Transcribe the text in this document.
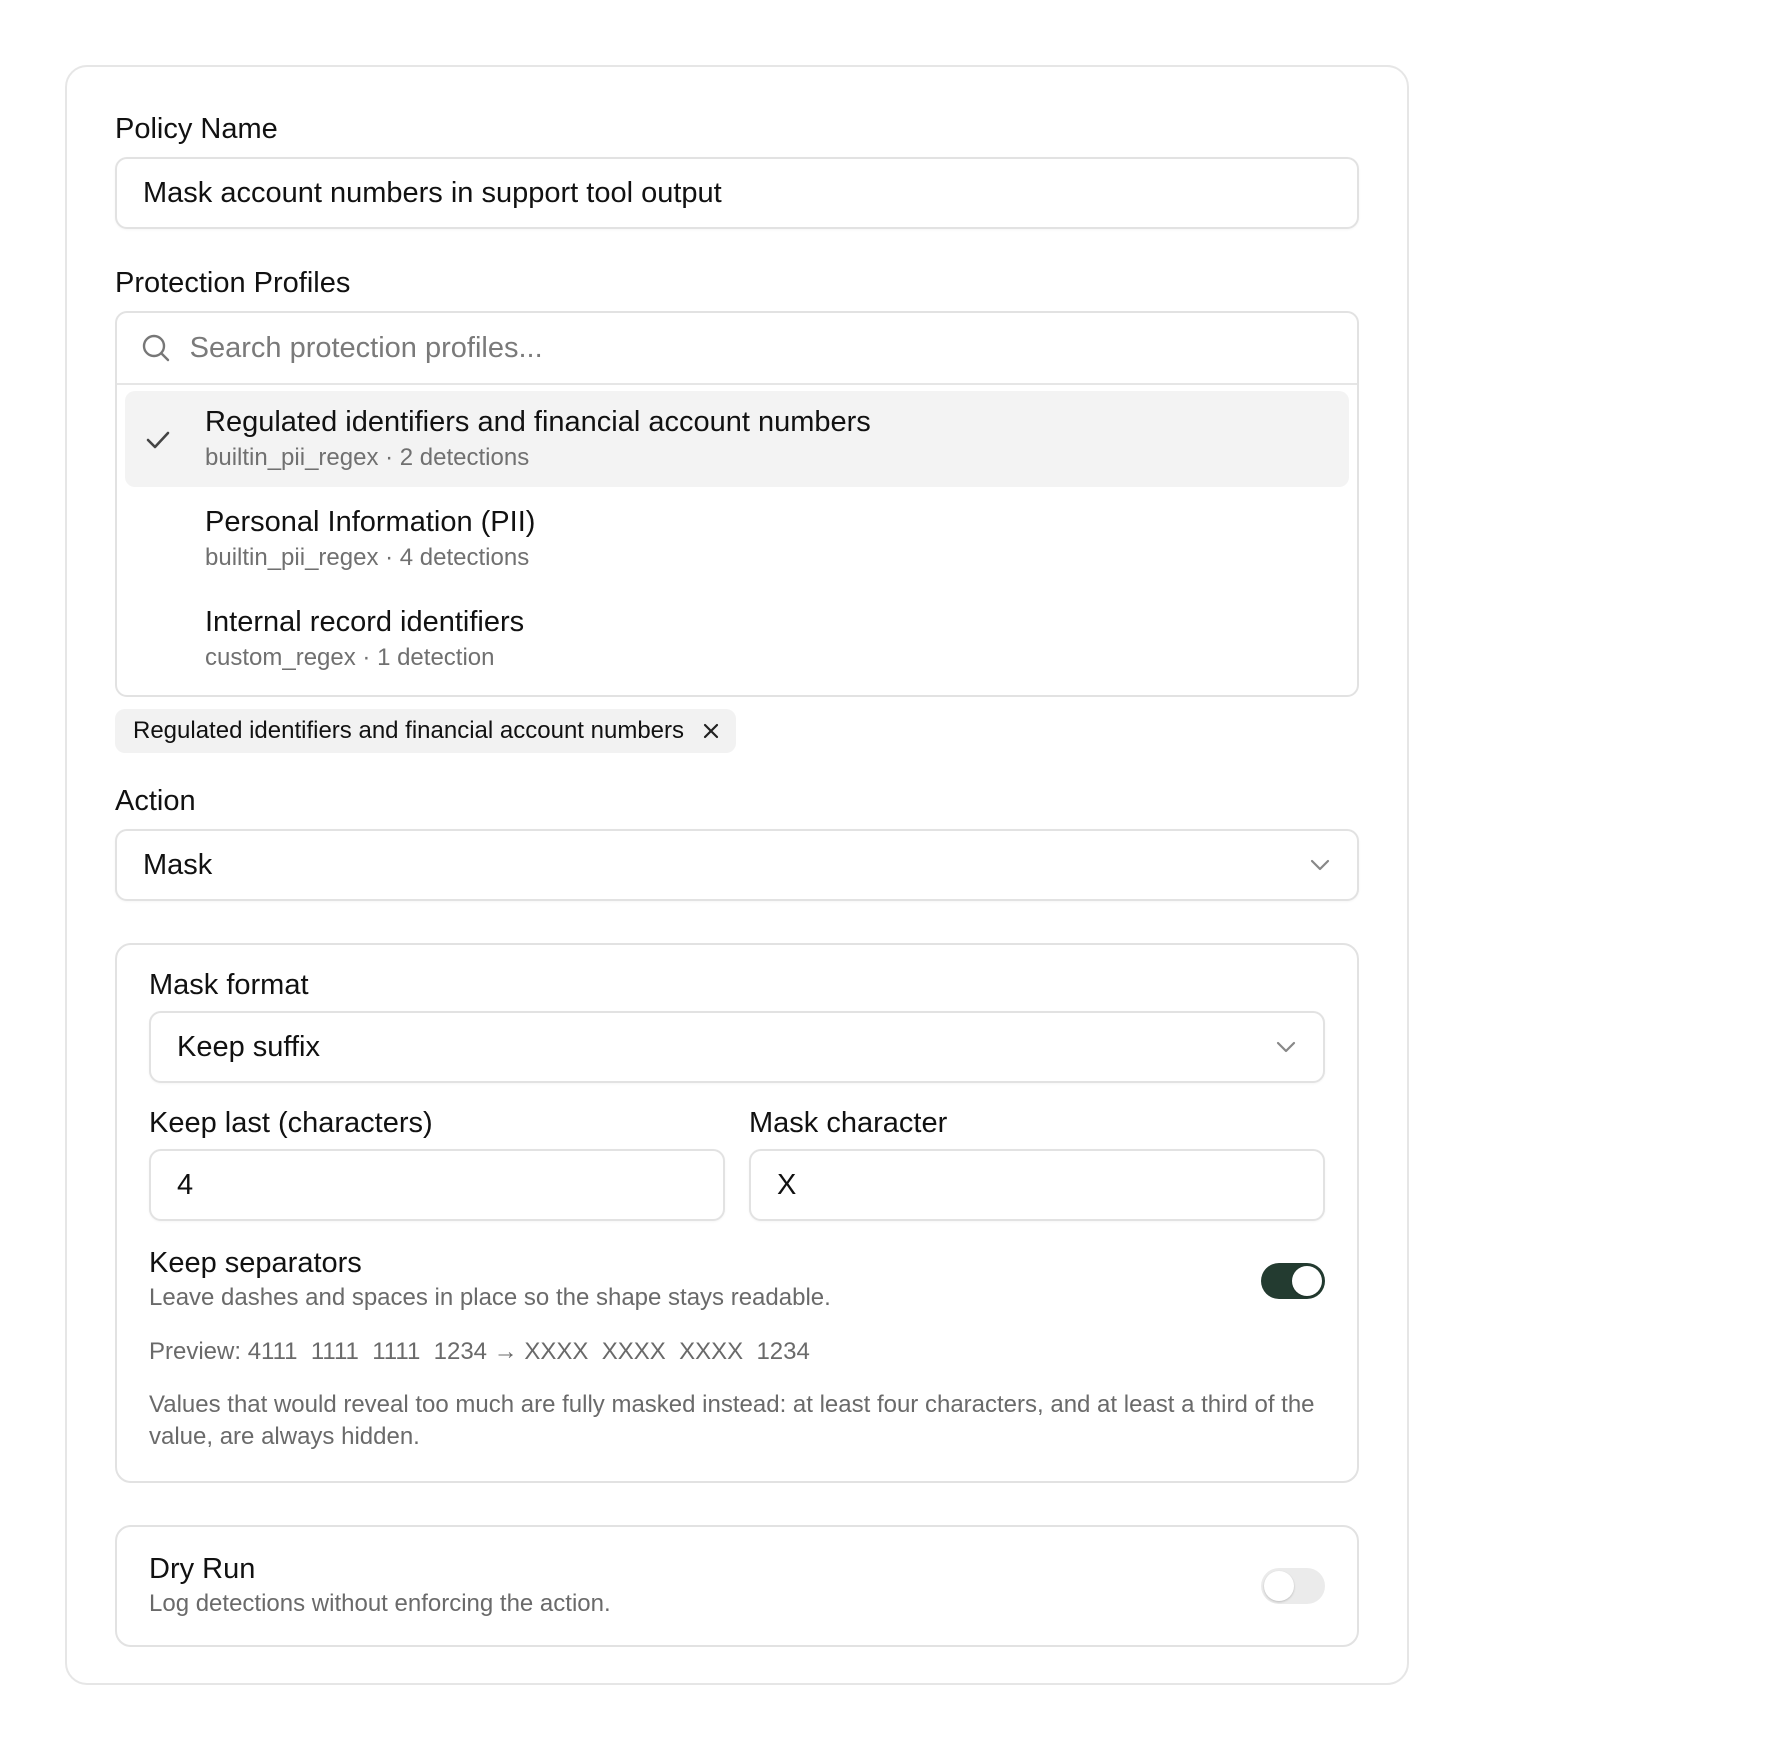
Policy Name
Mask account numbers in support tool output
Protection Profiles
Search protection profiles...
Regulated identifiers and financial account numbers
builtin_pii_regex · 2 detections
Personal Information (PII)
builtin_pii_regex · 4 detections
Internal record identifiers
custom_regex · 1 detection
Regulated identifiers and financial account numbers
Action
Mask
Mask format
Keep suffix
Keep last (characters)
4
Mask character
X
Keep separators
Leave dashes and spaces in place so the shape stays readable.
Preview: 4111  1111  1111  1234 → XXXX  XXXX  XXXX  1234
Values that would reveal too much are fully masked instead: at least four characters, and at least a third of the value, are always hidden.
Dry Run
Log detections without enforcing the action.
